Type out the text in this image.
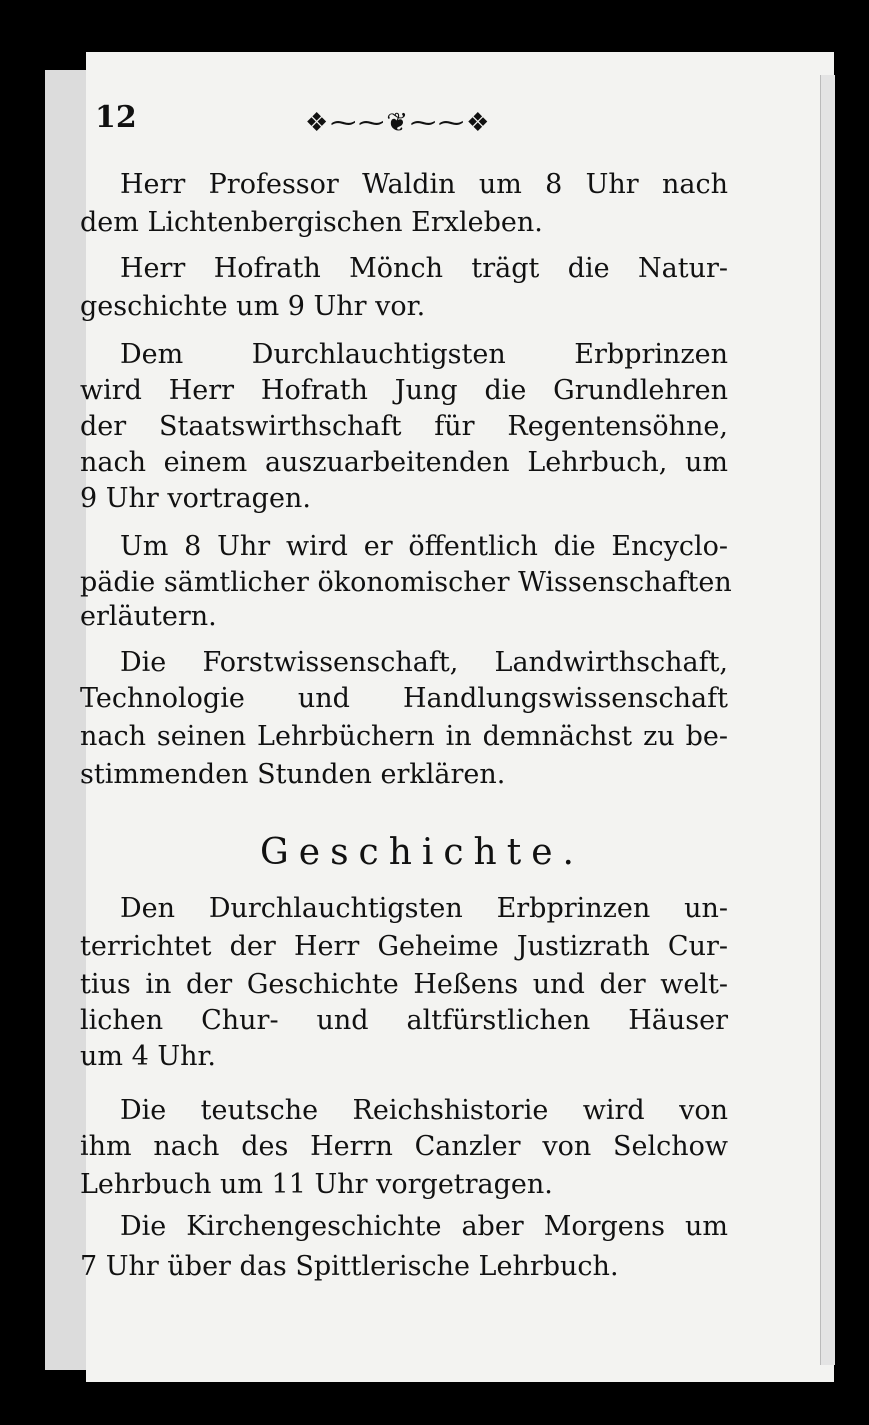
12	❖⁓⁓❦⁓⁓❖
Herr Professor Waldin um 8 Uhr nach
dem Lichtenbergischen Erxleben.
Herr Hofrath Mönch trägt die Natur-
geschichte um 9 Uhr vor.
Dem Durchlauchtigsten Erbprinzen
wird Herr Hofrath Jung die Grundlehren
der Staatswirthschaft für Regentensöhne,
nach einem auszuarbeitenden Lehrbuch, um
9 Uhr vortragen.
Um 8 Uhr wird er öffentlich die Encyclo-
pädie sämtlicher ökonomischer Wissenschaften
erläutern.
Die Forstwissenschaft, Landwirthschaft,
Technologie und Handlungswissenschaft
nach seinen Lehrbüchern in demnächst zu be-
stimmenden Stunden erklären.
Geschichte.
Den Durchlauchtigsten Erbprinzen un-
terrichtet der Herr Geheime Justizrath Cur-
tius in der Geschichte Heßens und der welt-
lichen Chur- und altfürstlichen Häuser
um 4 Uhr.
Die teutsche Reichshistorie wird von
ihm nach des Herrn Canzler von Selchow
Lehrbuch um 11 Uhr vorgetragen.
Die Kirchengeschichte aber Morgens um
7 Uhr über das Spittlerische Lehrbuch.
